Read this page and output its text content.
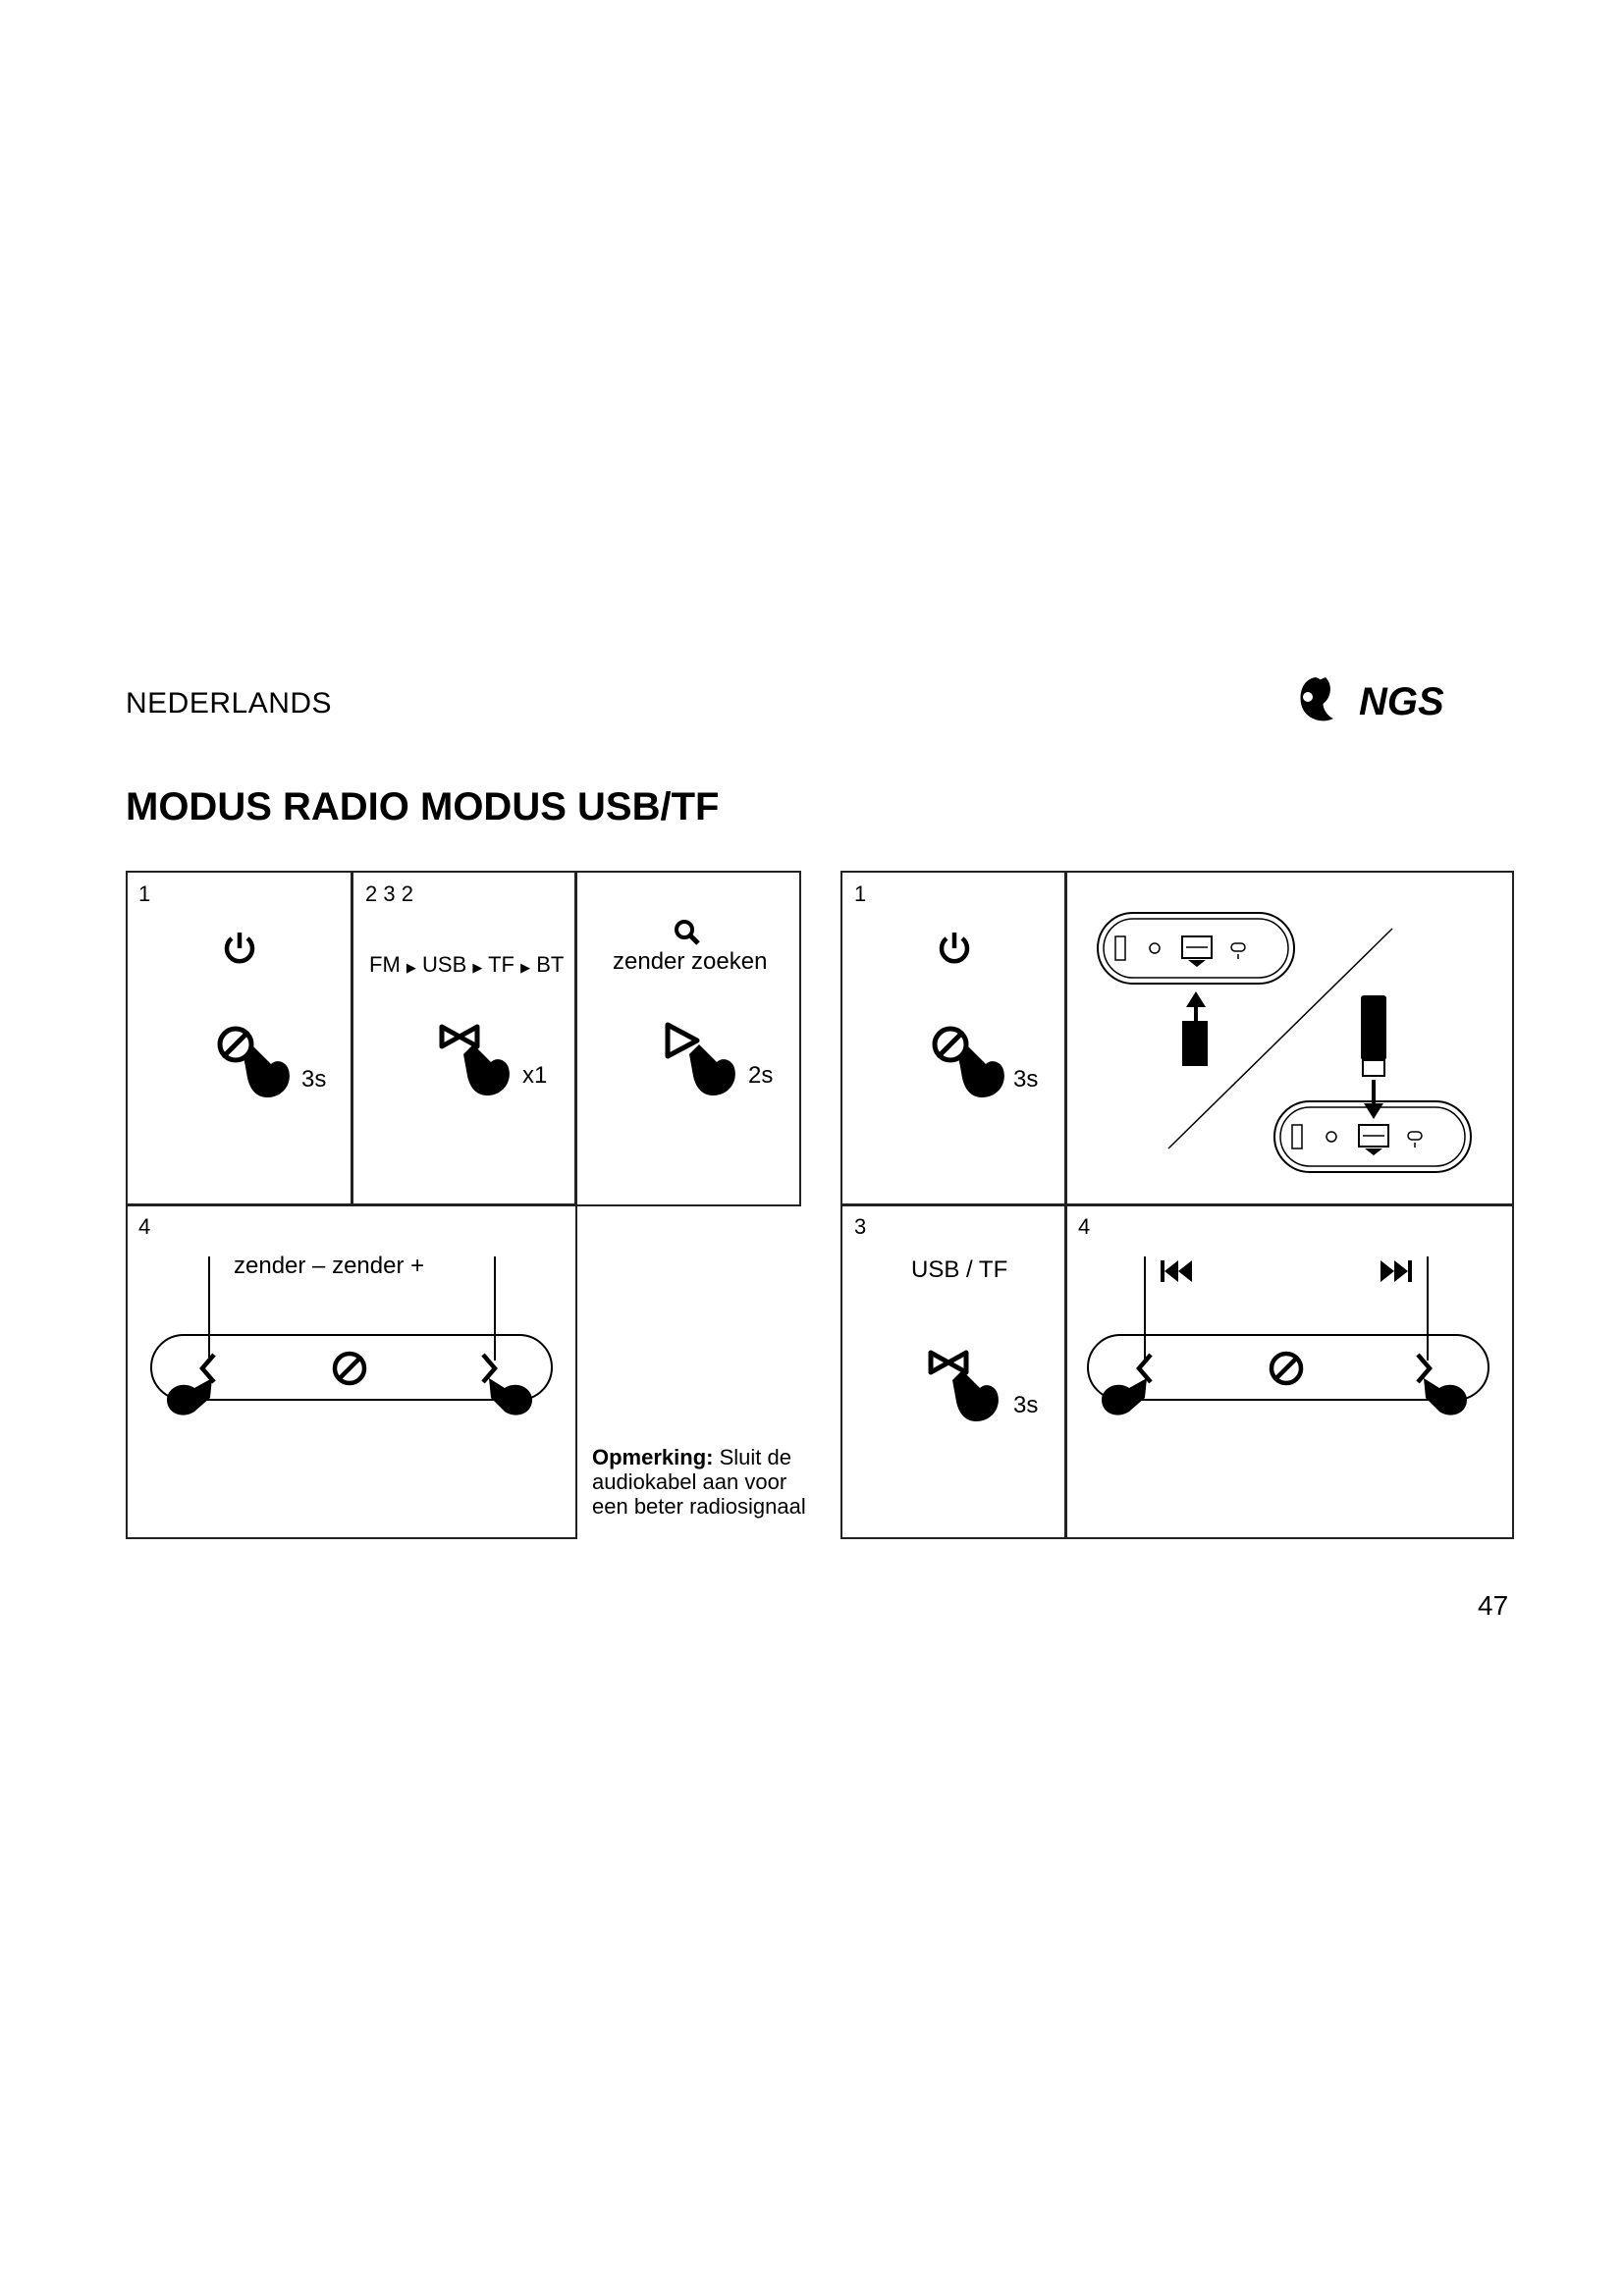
NEDERLANDS	NGS
MODUS RADIO MODUS USB/TF
1
3s
2 3 2
FM ▶ USB ▶ TF ▶ BT
x1
zender zoeken
2s
4
zender – zender +
Opmerking: Sluit de audiokabel aan voor een beter radiosignaal
1
3s
3
USB / TF
3s
4
47
